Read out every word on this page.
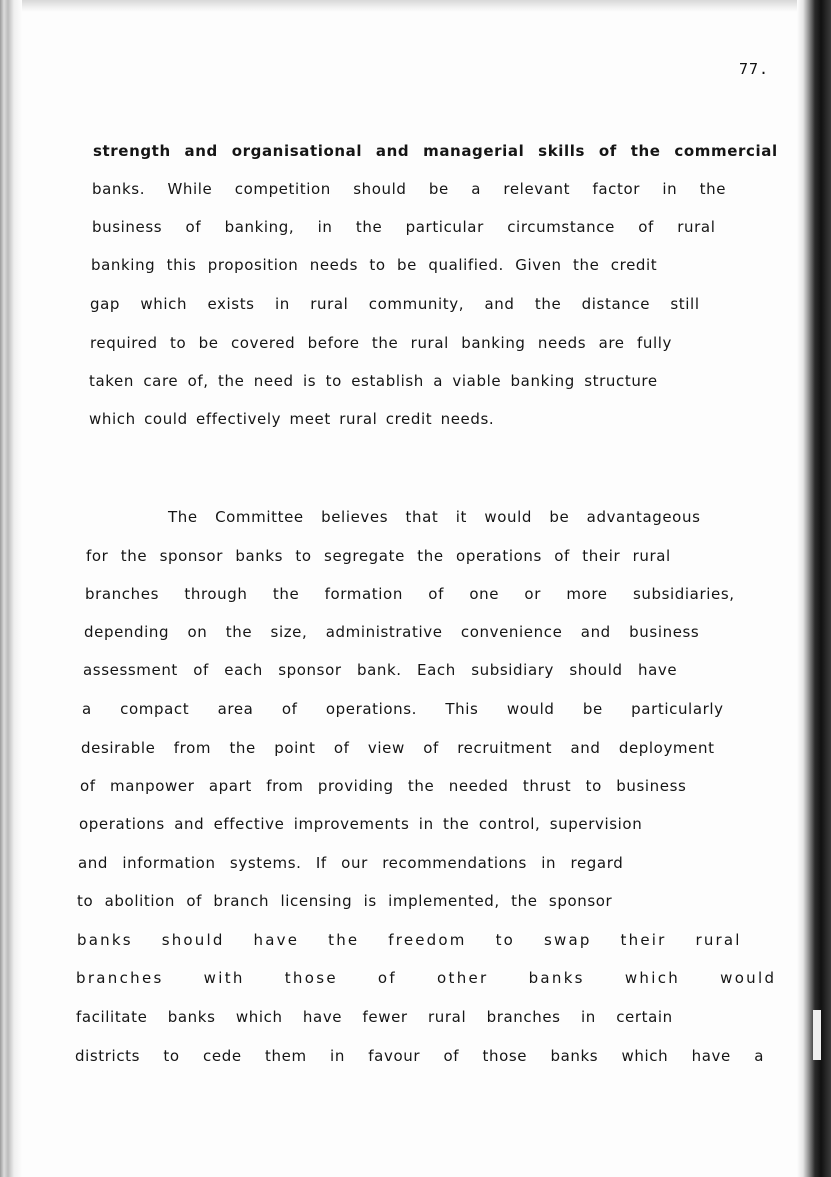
77.
strength and organisational and managerial skills of the commercial
banks. While competition should be a relevant factor in the
business of banking, in the particular circumstance of rural
banking this proposition needs to be qualified. Given the credit
gap which exists in rural community, and the distance still
required to be covered before the rural banking needs are fully
taken care of, the need is to establish a viable banking structure
which could effectively meet rural credit needs.
The Committee believes that it would be advantageous
for the sponsor banks to segregate the operations of their rural
branches through the formation of one or more subsidiaries,
depending on the size, administrative convenience and business
assessment of each sponsor bank. Each subsidiary should have
a compact area of operations. This would be particularly
desirable from the point of view of recruitment and deployment
of manpower apart from providing the needed thrust to business
operations and effective improvements in the control, supervision
and information systems. If our recommendations in regard
to abolition of branch licensing is implemented, the sponsor
banks should have the freedom to swap their rural
branches with those of other banks which would
facilitate banks which have fewer rural branches in certain
districts to cede them in favour of those banks which have a
